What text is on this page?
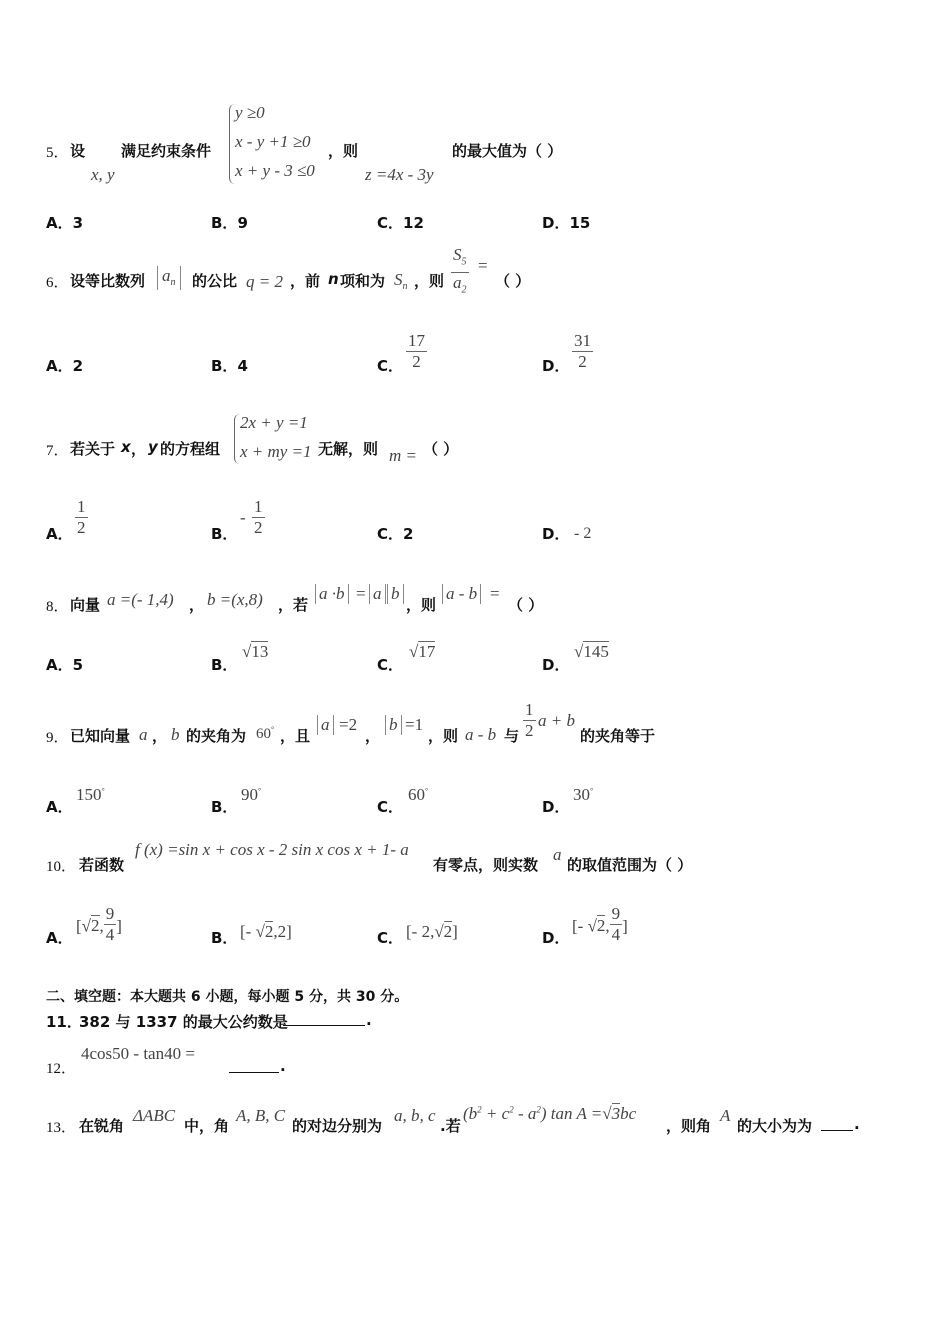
5． 设
x, y
满足约束条件
y ≥0
x - y +1 ≥0
x + y - 3 ≤0
，则
z =4x - 3y
的最大值为（ ）
A．3	B．9	C．12	D．15
6． 设等比数列 $a_n$	的公比 q = 2 ，前 n 项和为 $S_n$ ，则 $\frac{S_5}{a_2}$ =
（ ）
A．2	B．4	C． $\frac{17}{2}$	D． $\frac{31}{2}$
7． 若关于 x ， y 的方程组
2x + y =1
x + my =1 无解，则 m = （ ）
A． $\frac{1}{2}$	B．
- $\frac{1}{2}$	C．2	D． - 2
8． 向量 a =(- 1,4) ， b =(x,8) ，若
a ·b = a b
，则
a - b =
（ ）
A．5	B．
√13
C．
√17
D．
√145
9． 已知向量 a ， b 的夹角为 60° ，且
a =2
，
b =1
，则 a - b 与 $\frac{1}{2}$ a + b
的夹角等于
A．
150°
B．
90°
C．
60°
D．
30°
10． 若函数
f (x) =sin x + cos x - 2 sin x cos x + 1- a
有零点，则实数
a
的取值范围为（ ）
A．
[√2, $\frac{9}{4}$ ]
B． [- √2,2]	C． [- 2,√2]	D．
[- √2, $\frac{9}{4}$ ]
二、填空题：本大题共 6 小题，每小题 5 分，共 30 分。
11．
382 与 1337 的最大公约数是	.
12．
4cos50 - tan40 =
.
13． 在锐角
ΔABC
中，角
A, B, C
的对边分别为
a, b, c
.若
$(b^2 + c^2 - a^2)$ tan A =√3bc
，则角
A
的大小为为	.
